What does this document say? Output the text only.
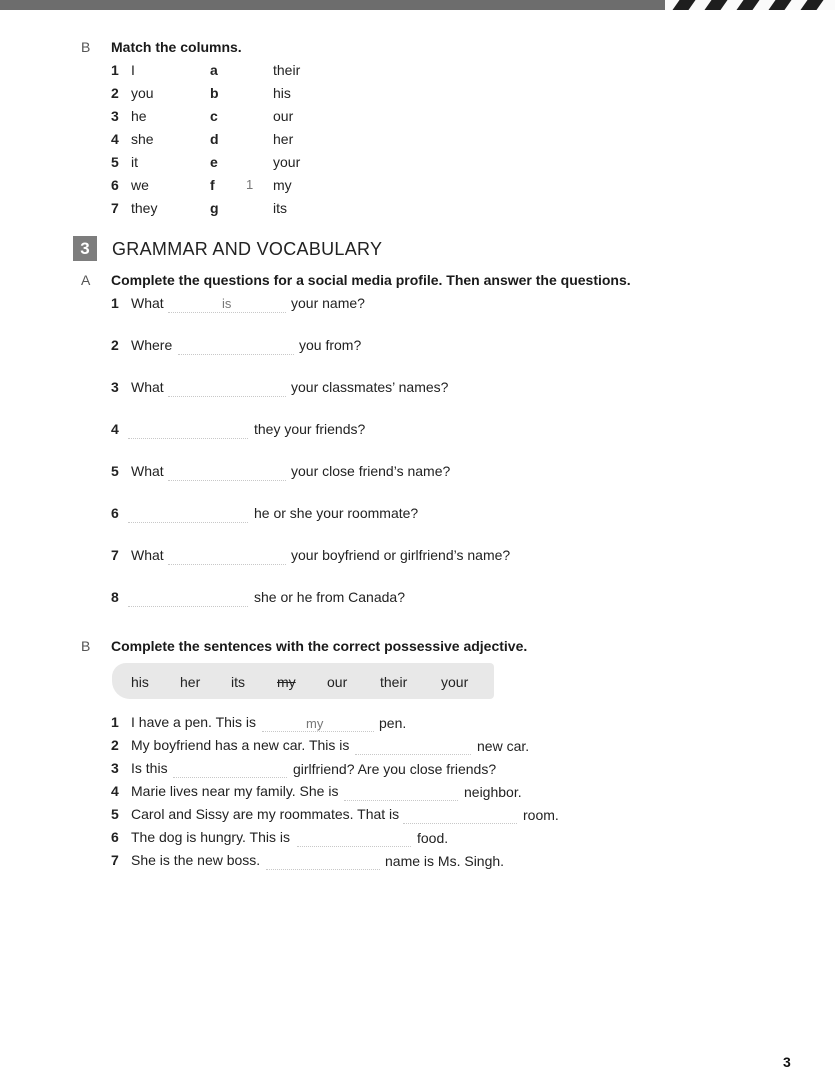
B Match the columns.
1 I	a	their
2 you	b	his
3 he	c	our
4 she	d	her
5 it	e	your
6 we	f 1 my
7 they	g	its
3	GRAMMAR AND VOCABULARY
A Complete the questions for a social media profile. Then answer the questions.
1 What	is	your name?
2 Where	you from?
3 What	your classmates’ names?
4	they your friends?
5 What	your close friend’s name?
6	he or she your roommate?
7 What	your boyfriend or girlfriend’s name?
8	she or he from Canada?
B Complete the sentences with the correct possessive adjective.
his her its my our their your
1 I have a pen. This is	my	pen.
2 My boyfriend has a new car. This is	new car.
3 Is this	girlfriend? Are you close friends?
4 Marie lives near my family. She is	neighbor.
5 Carol and Sissy are my roommates. That is	room.
6 The dog is hungry. This is	food.
7 She is the new boss.	name is Ms. Singh.
3
